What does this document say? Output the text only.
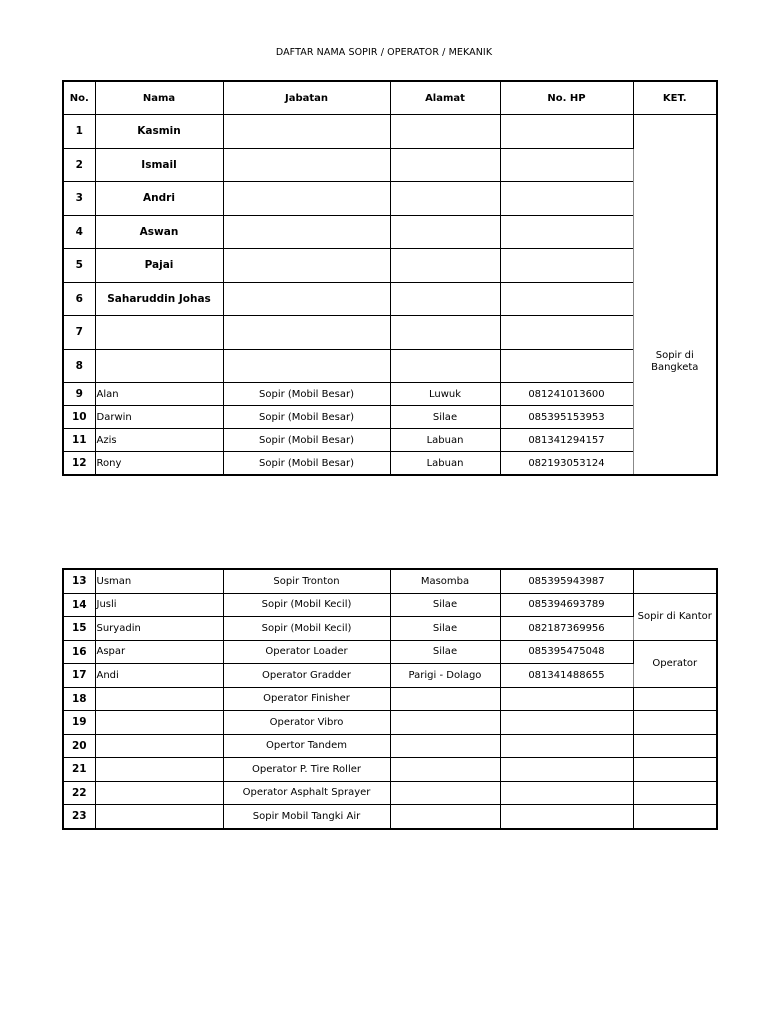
DAFTAR NAMA SOPIR / OPERATOR / MEKANIK
No.	Nama	Jabatan	Alamat	No. HP	KET.
1	Kasmin				Sopir di Bangketa
2	Ismail				
3	Andri				
4	Aswan				
5	Pajai				
6	Saharuddin Johas				
7					
8					
9	Alan	Sopir (Mobil Besar)	Luwuk	081241013600	
10	Darwin	Sopir (Mobil Besar)	Silae	085395153953	
11	Azis	Sopir (Mobil Besar)	Labuan	081341294157	
12	Rony	Sopir (Mobil Besar)	Labuan	082193053124	
13	Usman	Sopir Tronton	Masomba	085395943987	
14	Jusli	Sopir (Mobil Kecil)	Silae	085394693789	Sopir di Kantor
15	Suryadin	Sopir (Mobil Kecil)	Silae	082187369956	
16	Aspar	Operator Loader	Silae	085395475048	Operator
17	Andi	Operator Gradder	Parigi - Dolago	081341488655	
18		Operator Finisher			
19		Operator Vibro			
20		Opertor Tandem			
21		Operator P. Tire Roller			
22		Operator Asphalt Sprayer			
23		Sopir Mobil Tangki Air			
